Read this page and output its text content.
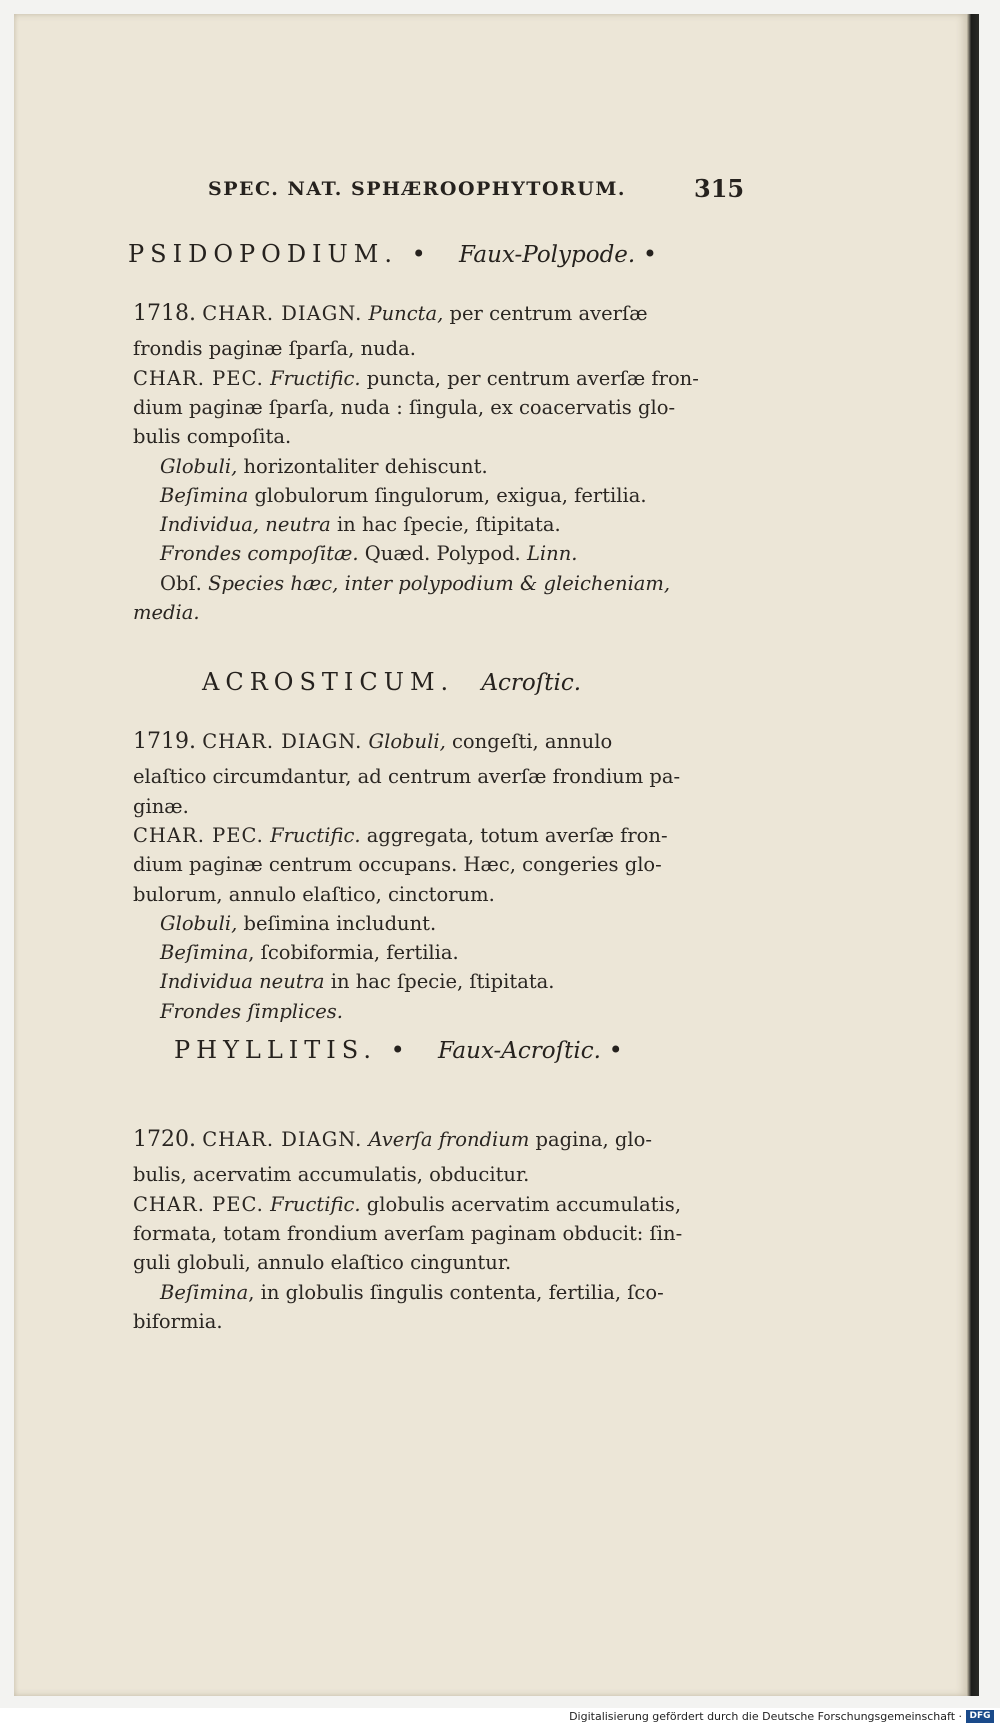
SPEC. NAT. SPHÆROOPHYTORUM.	315
PSIDOPODIUM. •  Faux-Polypode. •
1718. CHAR. DIAGN. Puncta, per centrum averſæ
frondis paginæ ſparſa, nuda.
CHAR. PEC. Fructific. puncta, per centrum averſæ fron-
dium paginæ ſparſa, nuda : ſingula, ex coacervatis glo-
bulis compoſita.
Globuli, horizontaliter dehiscunt.
Beſimina globulorum ſingulorum, exigua, fertilia.
Individua, neutra in hac ſpecie, ſtipitata.
Frondes compoſitæ. Quæd. Polypod. Linn.
Obſ. Species hæc, inter polypodium & gleicheniam,
media.
1719. CHAR. DIAGN. Globuli, congeſti, annulo
elaſtico circumdantur, ad centrum averſæ frondium pa-
ginæ.
CHAR. PEC. Fructific. aggregata, totum averſæ fron-
dium paginæ centrum occupans. Hæc, congeries glo-
bulorum, annulo elaſtico, cinctorum.
Globuli, beſimina includunt.
Beſimina, ſcobiformia, fertilia.
Individua neutra in hac ſpecie, ſtipitata.
Frondes ſimplices.
1720. CHAR. DIAGN. Averſa frondium pagina, glo-
bulis, acervatim accumulatis, obducitur.
CHAR. PEC. Fructific. globulis acervatim accumulatis,
formata, totam frondium averſam paginam obducit: ſin-
guli globuli, annulo elaſtico cinguntur.
Beſimina, in globulis ſingulis contenta, fertilia, ſco-
biformia.
ACROSTICUM. Acroſtic.
PHYLLITIS. •  Faux-Acroſtic. •
Digitalisierung gefördert durch die Deutsche Forschungsgemeinschaft · DFG
